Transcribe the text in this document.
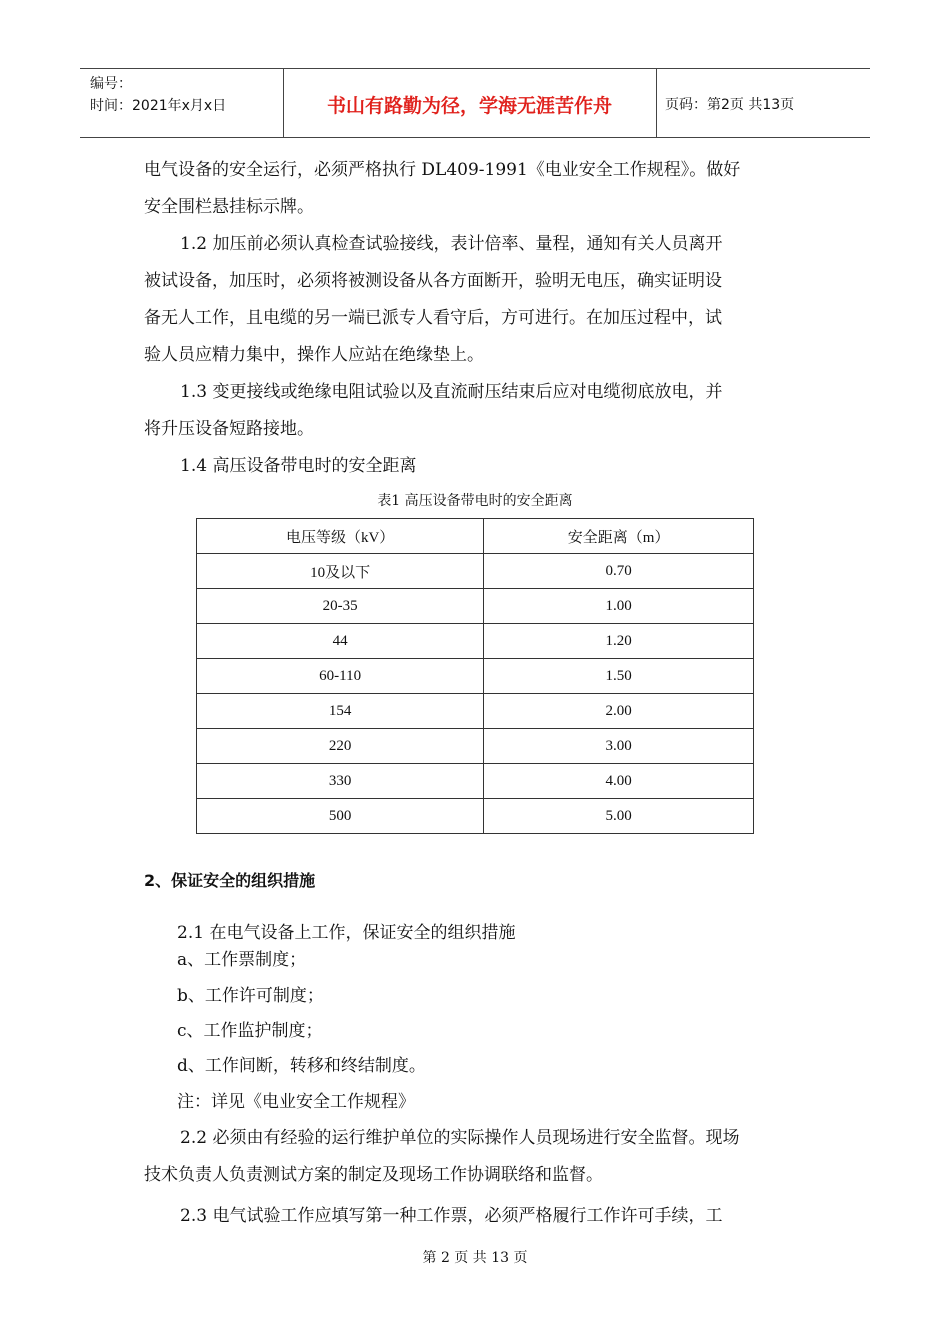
编号：
时间：2021年x月x日	书山有路勤为径，学海无涯苦作舟	页码：第2页 共13页
电气设备的安全运行，必须严格执行 DL409-1991《电业安全工作规程》。做好
安全围栏悬挂标示牌。
1.2 加压前必须认真检查试验接线，表计倍率、量程，通知有关人员离开
被试设备，加压时，必须将被测设备从各方面断开，验明无电压，确实证明设
备无人工作，且电缆的另一端已派专人看守后，方可进行。在加压过程中，试
验人员应精力集中，操作人应站在绝缘垫上。
1.3 变更接线或绝缘电阻试验以及直流耐压结束后应对电缆彻底放电，并
将升压设备短路接地。
1.4 高压设备带电时的安全距离
表1 高压设备带电时的安全距离
电压等级（kV）	安全距离（m）
10及以下	0.70
20-35	1.00
44	1.20
60-110	1.50
154	2.00
220	3.00
330	4.00
500	5.00
2、保证安全的组织措施
2.1 在电气设备上工作，保证安全的组织措施
a、工作票制度；
b、工作许可制度；
c、工作监护制度；
d、工作间断，转移和终结制度。
注：详见《电业安全工作规程》
2.2 必须由有经验的运行维护单位的实际操作人员现场进行安全监督。现场
技术负责人负责测试方案的制定及现场工作协调联络和监督。
2.3 电气试验工作应填写第一种工作票，必须严格履行工作许可手续，工
第 2 页 共 13 页
